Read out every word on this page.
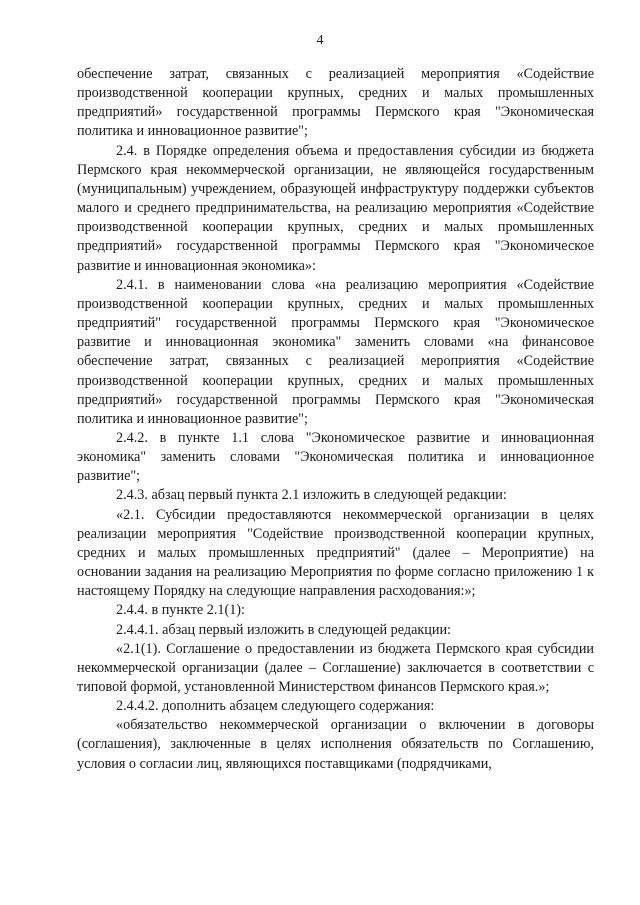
4

обеспечение затрат, связанных с реализацией мероприятия «Содействие производственной кооперации крупных, средних и малых промышленных предприятий» государственной программы Пермского края "Экономическая политика и инновационное развитие";

2.4. в Порядке определения объема и предоставления субсидии из бюджета Пермского края некоммерческой организации, не являющейся государственным (муниципальным) учреждением, образующей инфраструктуру поддержки субъектов малого и среднего предпринимательства, на реализацию мероприятия «Содействие производственной кооперации крупных, средних и малых промышленных предприятий» государственной программы Пермского края "Экономическое развитие и инновационная экономика»:

2.4.1. в наименовании слова «на реализацию мероприятия «Содействие производственной кооперации крупных, средних и малых промышленных предприятий" государственной программы Пермского края "Экономическое развитие и инновационная экономика" заменить словами «на финансовое обеспечение затрат, связанных с реализацией мероприятия «Содействие производственной кооперации крупных, средних и малых промышленных предприятий» государственной программы Пермского края "Экономическая политика и инновационное развитие";

2.4.2. в пункте 1.1 слова "Экономическое развитие и инновационная экономика" заменить словами "Экономическая политика и инновационное развитие";

2.4.3. абзац первый пункта 2.1 изложить в следующей редакции:

«2.1. Субсидии предоставляются некоммерческой организации в целях реализации мероприятия "Содействие производственной кооперации крупных, средних и малых промышленных предприятий" (далее – Мероприятие) на основании задания на реализацию Мероприятия по форме согласно приложению 1 к настоящему Порядку на следующие направления расходования:»;

2.4.4. в пункте 2.1(1):

2.4.4.1. абзац первый изложить в следующей редакции:

«2.1(1). Соглашение о предоставлении из бюджета Пермского края субсидии некоммерческой организации (далее – Соглашение) заключается в соответствии с типовой формой, установленной Министерством финансов Пермского края.»;

2.4.4.2. дополнить абзацем следующего содержания:

«обязательство некоммерческой организации о включении в договоры (соглашения), заключенные в целях исполнения обязательств по Соглашению, условия о согласии лиц, являющихся поставщиками (подрядчиками,
